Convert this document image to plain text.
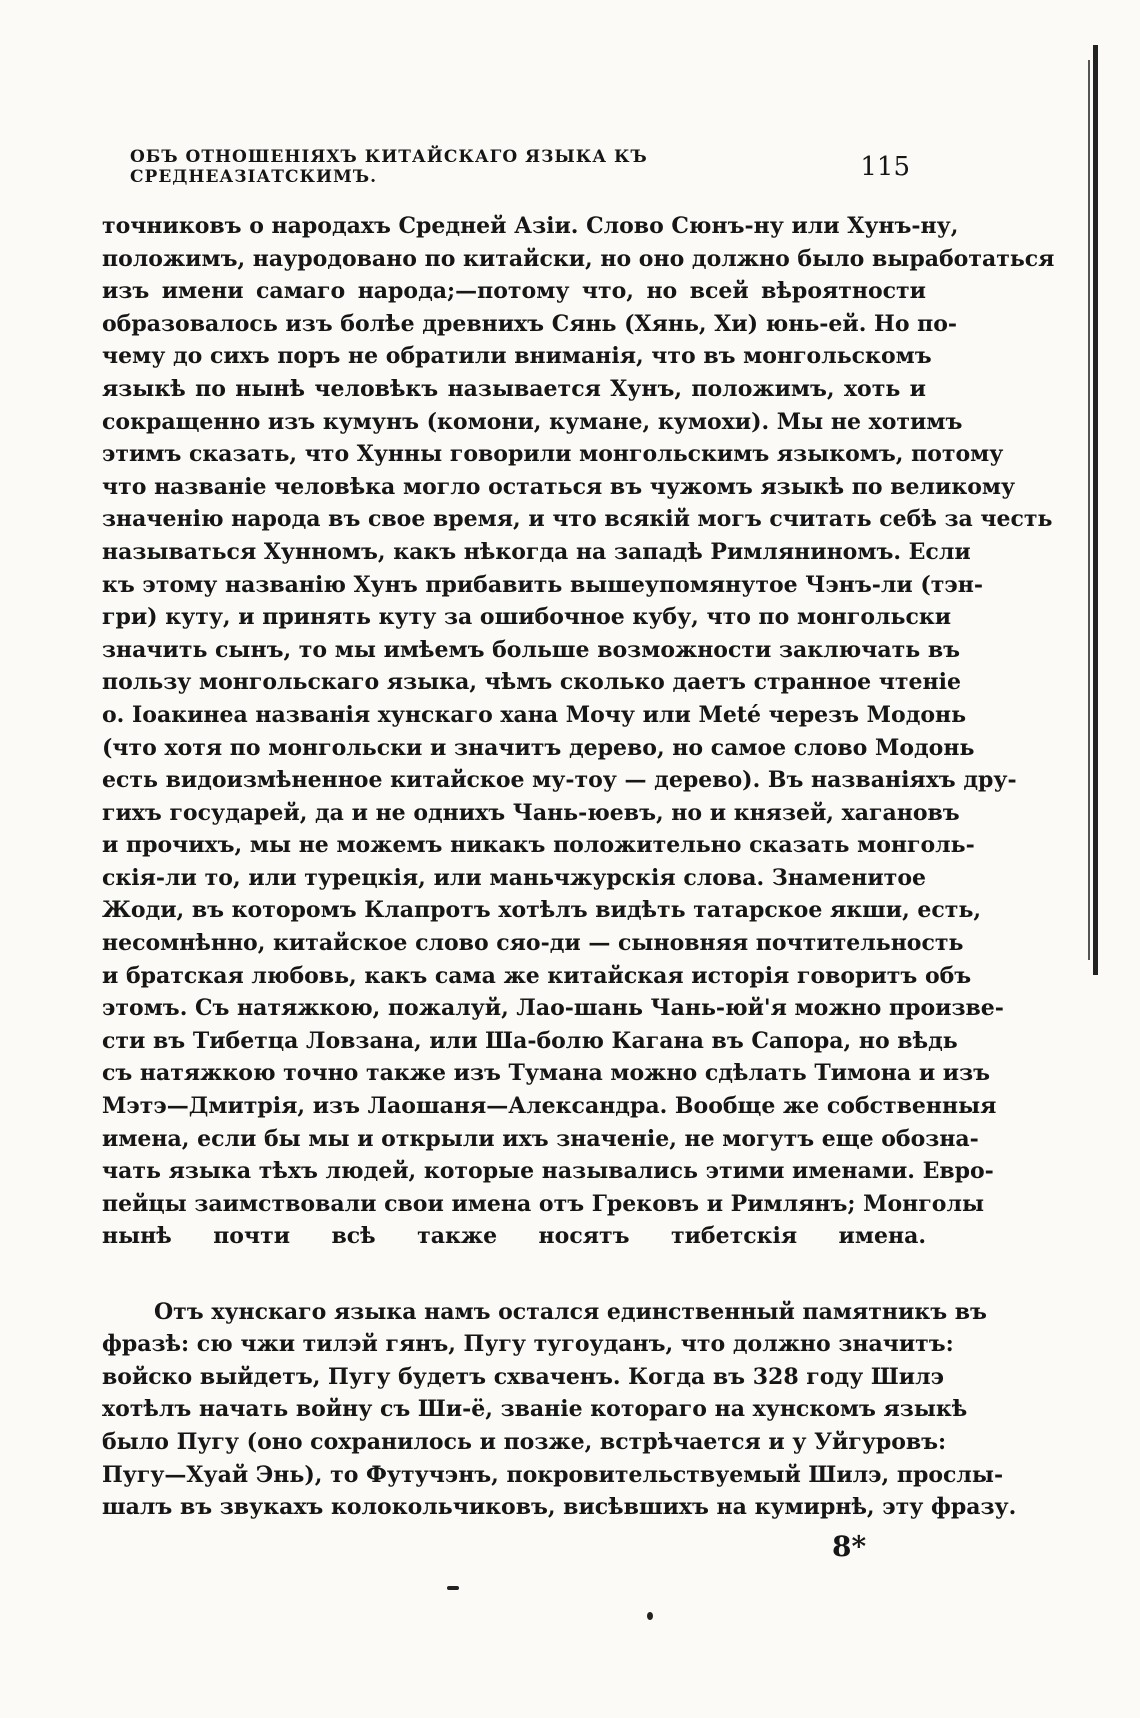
ОБЪ ОТНОШЕНІЯХЪ КИТАЙСКАГО ЯЗЫКА КЪ СРЕДНЕАЗІАТСКИМЪ.	115
точниковъ о народахъ Средней Азіи. Слово Сюнъ-ну или Хунъ-ну,
положимъ, нaуродовано по китайски, но оно должно было выработаться
изъ имени самаго народа;—потому что, но всей вѣроятности
образовалось изъ болѣе древнихъ Сянь (Хянь, Хи) юнь-ей. Но по-
чему до сихъ поръ не обратили вниманія, что въ монгольскомъ
языкѣ по нынѣ человѣкъ называется Хунъ, положимъ, хоть и
сокращенно изъ кумунъ (комони, кумане, кумохи). Мы не хотимъ
этимъ сказать, что Хунны говорили монгольскимъ языкомъ, потому
что названіе человѣка могло остаться въ чужомъ языкѣ по великому
значенію народа въ свое время, и что всякій могъ считать себѣ за честь
называться Хунномъ, какъ нѣкогда на западѣ Римляниномъ. Если
къ этому названію Хунъ прибавить вышеупомянутое Чэнъ-ли (тэн-
гри) куту, и принять куту за ошибочное кубу, что по монгольски
значить сынъ, то мы имѣемъ больше возможности заключать въ
пользу монгольскаго языка, чѣмъ сколько даетъ странное чтеніе
о. Іоакинеа названія хунскаго хана Мочу или Мeté черезъ Модонь
(что хотя по монгольски и значитъ дерево, но самое слово Модонь
есть видоизмѣненное китайское му-тоу — дерево). Въ названіяхъ дру-
гихъ государей, да и не однихъ Чань-юевъ, но и князей, хагановъ
и прочихъ, мы не можемъ никакъ положительно сказать монголь-
скія-ли то, или турецкія, или маньчжурскія слова. Знаменитое
Жоди, въ которомъ Клапротъ хотѣлъ видѣть татарское якши, есть,
несомнѣнно, китайское слово сяо-ди — сыновняя почтительность
и братская любовь, какъ сама же китайская исторія говоритъ объ
этомъ. Съ натяжкою, пожалуй, Лао-шань Чань-юй'я можно произве-
сти въ Тибетца Ловзана, или Ша-болю Кагана въ Сапора, но вѣдь
съ натяжкою точно также изъ Тумана можно сдѣлать Тимона и изъ
Мэтэ—Дмитрія, изъ Лаошаня—Александра. Вообще же собственныя
имена, если бы мы и открыли ихъ значеніе, не могутъ еще обозна-
чать языка тѣхъ людей, которые назывались этими именами. Евро-
пейцы заимствовали свои имена отъ Грековъ и Римлянъ; Монголы
нынѣ почти всѣ также носятъ тибетскія имена.
Отъ хунскаго языка намъ остался единственный памятникъ въ
фразѣ: сю чжи тилэй гянъ, Пугу тугоуданъ, что должно значитъ:
войско выйдетъ, Пугу будетъ схваченъ. Когда въ 328 году Шилэ
хотѣлъ начать войну съ Ши-ё, званіе котораго на хунскомъ языкѣ
было Пугу (оно сохранилось и позже, встрѣчается и у Уйгуровъ:
Пугу—Хуай Энь), то Футучэнъ, покровительствуемый Шилэ, прослы-
шалъ въ звукахъ колокольчиковъ, висѣвшихъ на кумирнѣ, эту фразу.
8*
